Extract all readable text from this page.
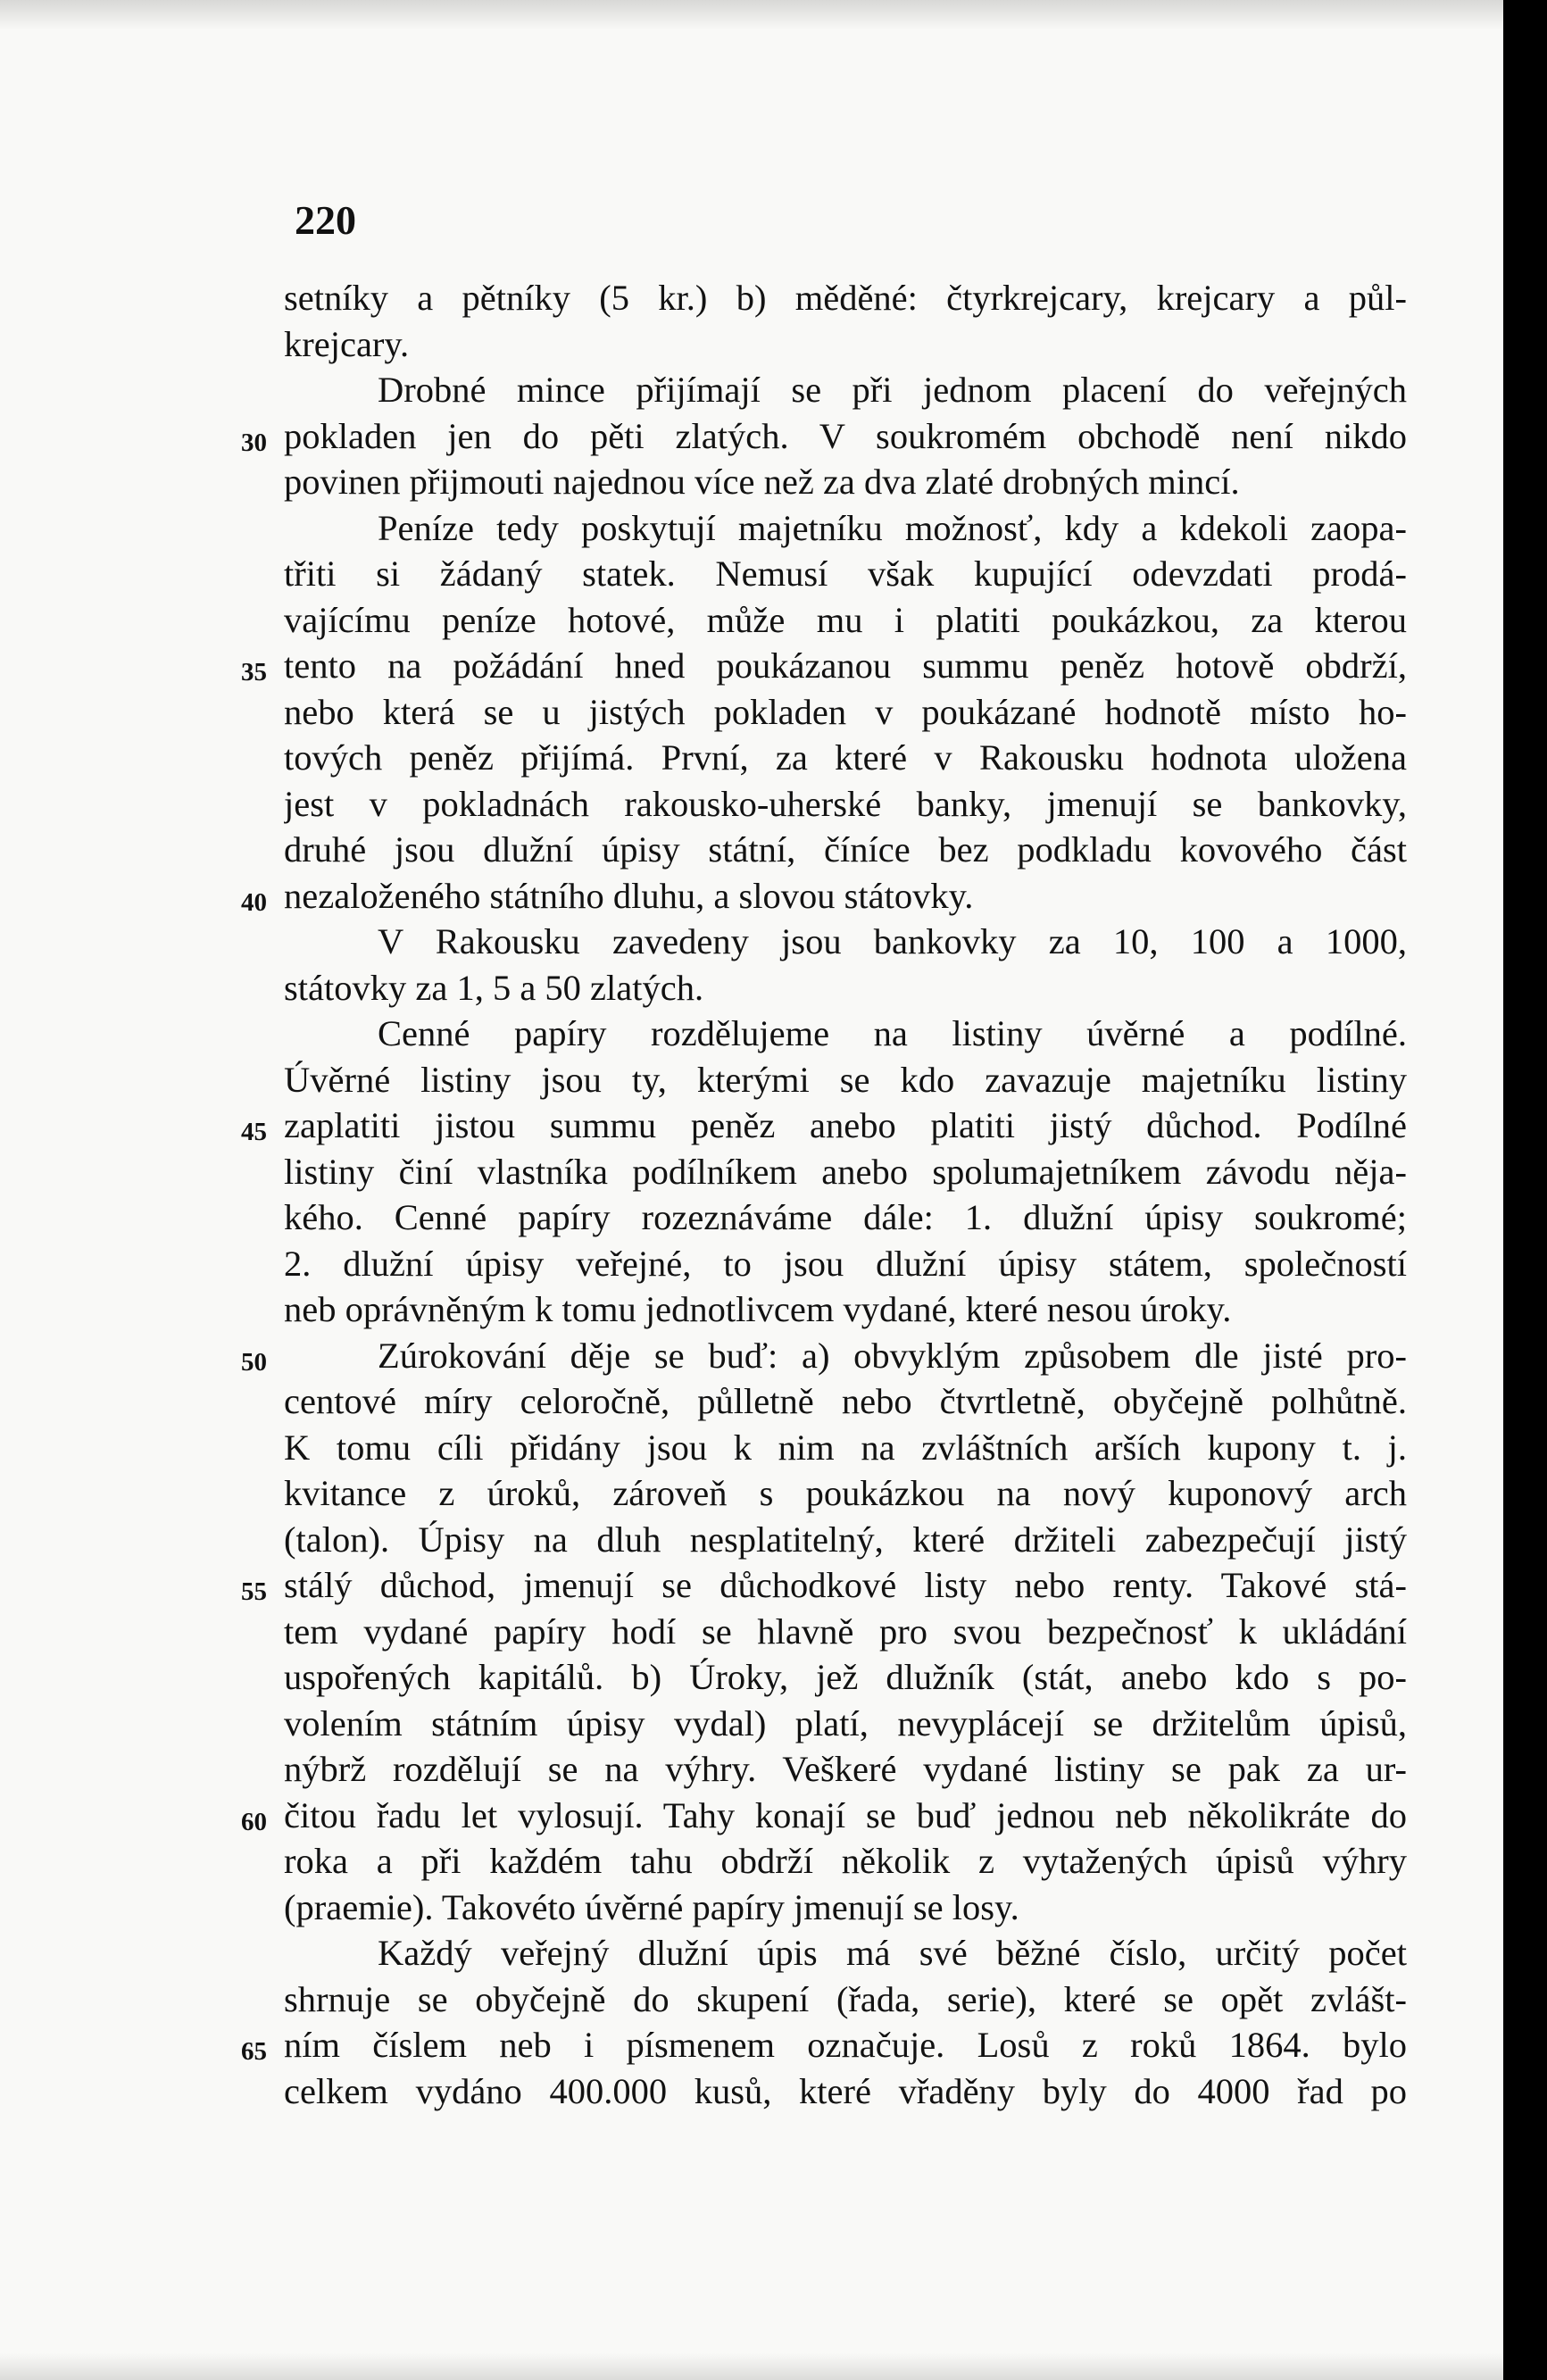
220
setníky a pětníky (5 kr.) b) měděné: čtyrkrejcary, krejcary a půl-
krejcary.
Drobné mince přijímají se při jednom placení do veřejných
30 pokladen jen do pěti zlatých. V soukromém obchodě není nikdo
povinen přijmouti najednou více než za dva zlaté drobných mincí.
Peníze tedy poskytují majetníku možnosť, kdy a kdekoli zaopa-
třiti si žádaný statek. Nemusí však kupující odevzdati prodá-
vajícímu peníze hotové, může mu i platiti poukázkou, za kterou
35 tento na požádání hned poukázanou summu peněz hotově obdrží,
nebo která se u jistých pokladen v poukázané hodnotě místo ho-
tových peněz přijímá. První, za které v Rakousku hodnota uložena
jest v pokladnách rakousko-uherské banky, jmenují se bankovky,
druhé jsou dlužní úpisy státní, číníce bez podkladu kovového část
40 nezaloženého státního dluhu, a slovou státovky.
V Rakousku zavedeny jsou bankovky za 10, 100 a 1000,
státovky za 1, 5 a 50 zlatých.
Cenné papíry rozdělujeme na listiny úvěrné a podílné.
Úvěrné listiny jsou ty, kterými se kdo zavazuje majetníku listiny
45 zaplatiti jistou summu peněz anebo platiti jistý důchod. Podílné
listiny činí vlastníka podílníkem anebo spolumajetníkem závodu něja-
kého. Cenné papíry rozeznáváme dále: 1. dlužní úpisy soukromé;
2. dlužní úpisy veřejné, to jsou dlužní úpisy státem, společností
neb oprávněným k tomu jednotlivcem vydané, které nesou úroky.
50	Zúrokování děje se buď: a) obvyklým způsobem dle jisté pro-
centové míry celoročně, půlletně nebo čtvrtletně, obyčejně polhůtně.
K tomu cíli přidány jsou k nim na zvláštních arších kupony t. j.
kvitance z úroků, zároveň s poukázkou na nový kuponový arch
(talon). Úpisy na dluh nesplatitelný, které držiteli zabezpečují jistý
55 stálý důchod, jmenují se důchodkové listy nebo renty. Takové stá-
tem vydané papíry hodí se hlavně pro svou bezpečnosť k ukládání
uspořených kapitálů. b) Úroky, jež dlužník (stát, anebo kdo s po-
volením státním úpisy vydal) platí, nevyplácejí se držitelům úpisů,
nýbrž rozdělují se na výhry. Veškeré vydané listiny se pak za ur-
60 čitou řadu let vylosují. Tahy konají se buď jednou neb několikráte do
roka a při každém tahu obdrží několik z vytažených úpisů výhry
(praemie). Takovéto úvěrné papíry jmenují se losy.
Každý veřejný dlužní úpis má své běžné číslo, určitý počet
shrnuje se obyčejně do skupení (řada, serie), které se opět zvlášt-
65 ním číslem neb i písmenem označuje. Losů z roků 1864. bylo
celkem vydáno 400.000 kusů, které vřaděny byly do 4000 řad po
